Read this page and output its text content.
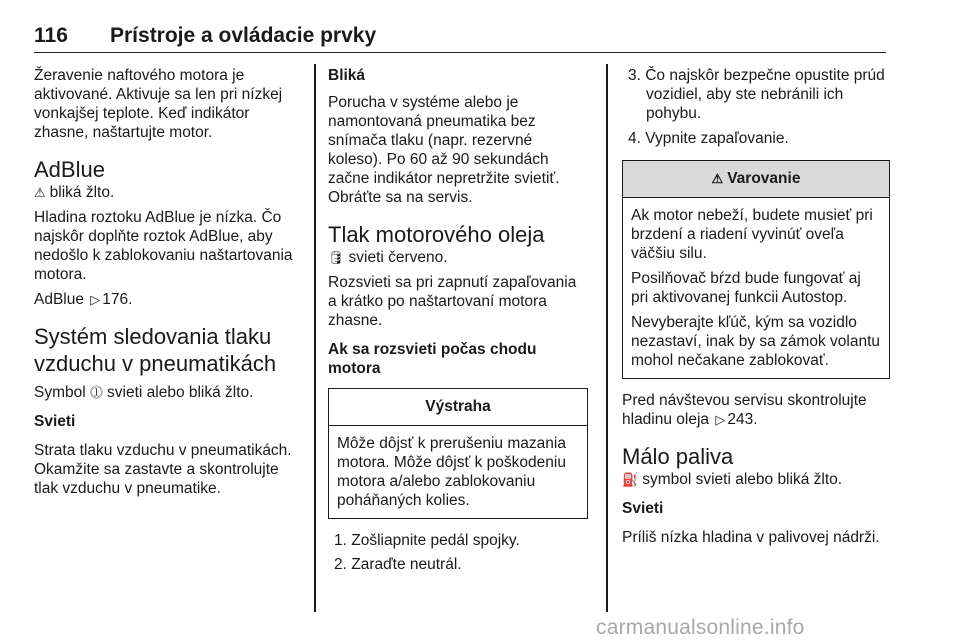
116 Prístroje a ovládacie prvky

Žeravenie naftového motora je aktivované. Aktivuje sa len pri nízkej vonkajšej teplote. Keď indikátor zhasne, naštartujte motor.

AdBlue

⚠ bliká žlto.

Hladina roztoku AdBlue je nízka. Čo najskôr doplňte roztok AdBlue, aby nedošlo k zablokovaniu naštartovania motora.

AdBlue ▷ 176.

Systém sledovania tlaku vzduchu v pneumatikách

Symbol ⓵ svieti alebo bliká žlto.

Svieti

Strata tlaku vzduchu v pneumatikách. Okamžite sa zastavte a skontrolujte tlak vzduchu v pneumatike.

Bliká

Porucha v systéme alebo je namontovaná pneumatika bez snímača tlaku (napr. rezervné koleso). Po 60 až 90 sekundách začne indikátor nepretržite svietiť. Obráťte sa na servis.

Tlak motorového oleja

🛢 svieti červeno.

Rozsvieti sa pri zapnutí zapaľovania a krátko po naštartovaní motora zhasne.

Ak sa rozsvieti počas chodu motora
Výstraha

Môže dôjsť k prerušeniu mazania motora. Môže dôjsť k poškodeniu motora a/alebo zablokovaniu poháňaných kolies.

1. Zošliapnite pedál spojky.
2. Zaraďte neutrál.
3. Čo najskôr bezpečne opustite prúd vozidiel, aby ste nebránili ich pohybu.
4. Vypnite zapaľovanie.
⚠ Varovanie

Ak motor nebeží, budete musieť pri brzdení a riadení vyvinúť oveľa väčšiu silu.

Posilňovač bŕzd bude fungovať aj pri aktivovanej funkcii Autostop.

Nevyberajte kľúč, kým sa vozidlo nezastaví, inak by sa zámok volantu mohol nečakane zablokovať.

Pred návštevou servisu skontrolujte hladinu oleja ▷ 243.

Málo paliva

⛽ symbol svieti alebo bliká žlto.

Svieti

Príliš nízka hladina v palivovej nádrži.

carmanualsonline.info
